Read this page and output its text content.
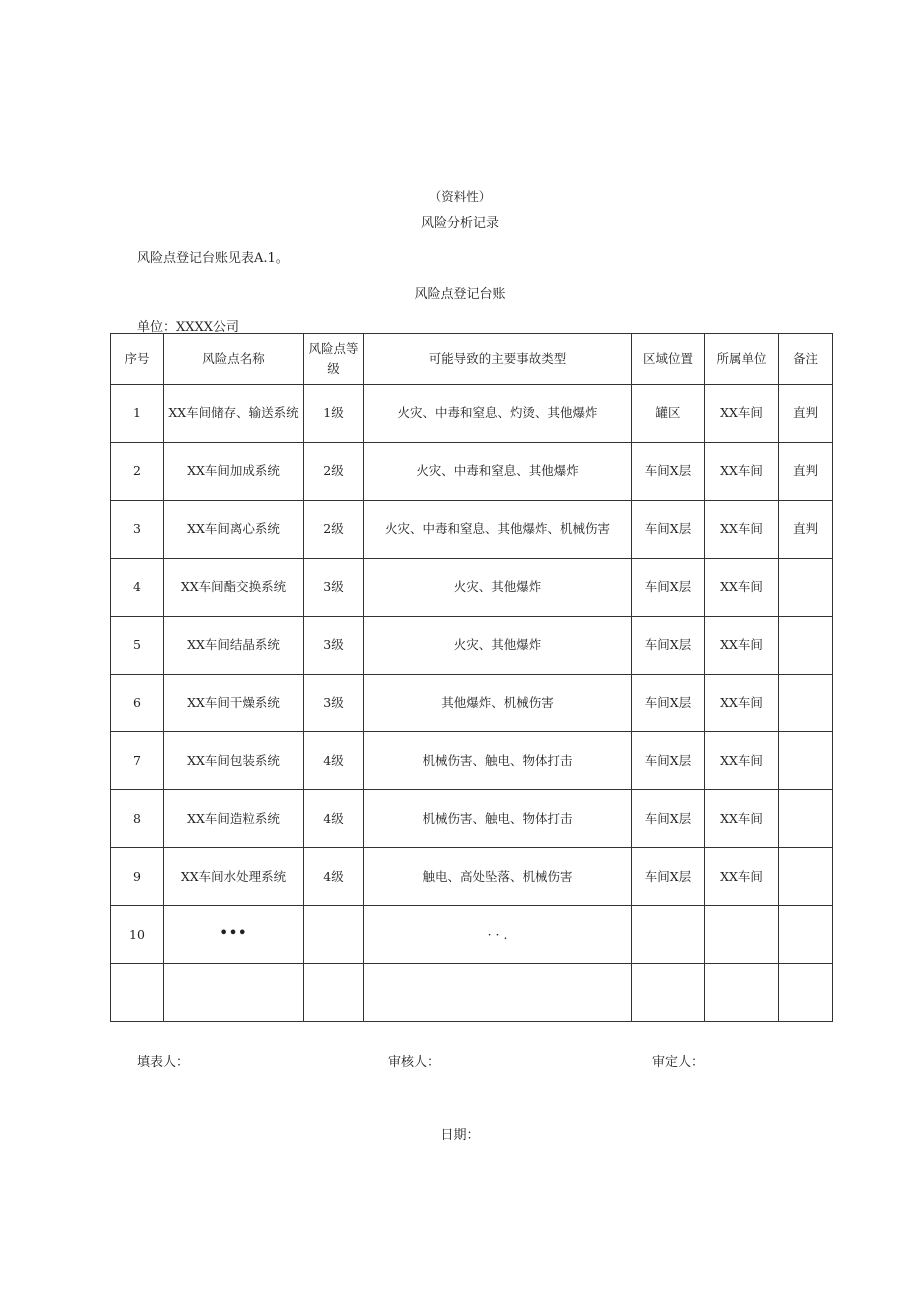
（资料性）
风险分析记录
风险点登记台账见表A.1。
风险点登记台账
单位：XXXX公司
序号	风险点名称	风险点等级	可能导致的主要事故类型	区域位置	所属单位	备注
1	XX车间储存、输送系统	1级	火灾、中毒和窒息、灼烫、其他爆炸	罐区	XX车间	直判
2	XX车间加成系统	2级	火灾、中毒和窒息、其他爆炸	车间X层	XX车间	直判
3	XX车间离心系统	2级	火灾、中毒和窒息、其他爆炸、机械伤害	车间X层	XX车间	直判
4	XX车间酯交换系统	3级	火灾、其他爆炸	车间X层	XX车间	
5	XX车间结晶系统	3级	火灾、其他爆炸	车间X层	XX车间	
6	XX车间干燥系统	3级	其他爆炸、机械伤害	车间X层	XX车间	
7	XX车间包装系统	4级	机械伤害、触电、物体打击	车间X层	XX车间	
8	XX车间造粒系统	4级	机械伤害、触电、物体打击	车间X层	XX车间	
9	XX车间水处理系统	4级	触电、高处坠落、机械伤害	车间X层	XX车间	
10	•••		· · .			

填表人：	审核人：	审定人：
日期：
